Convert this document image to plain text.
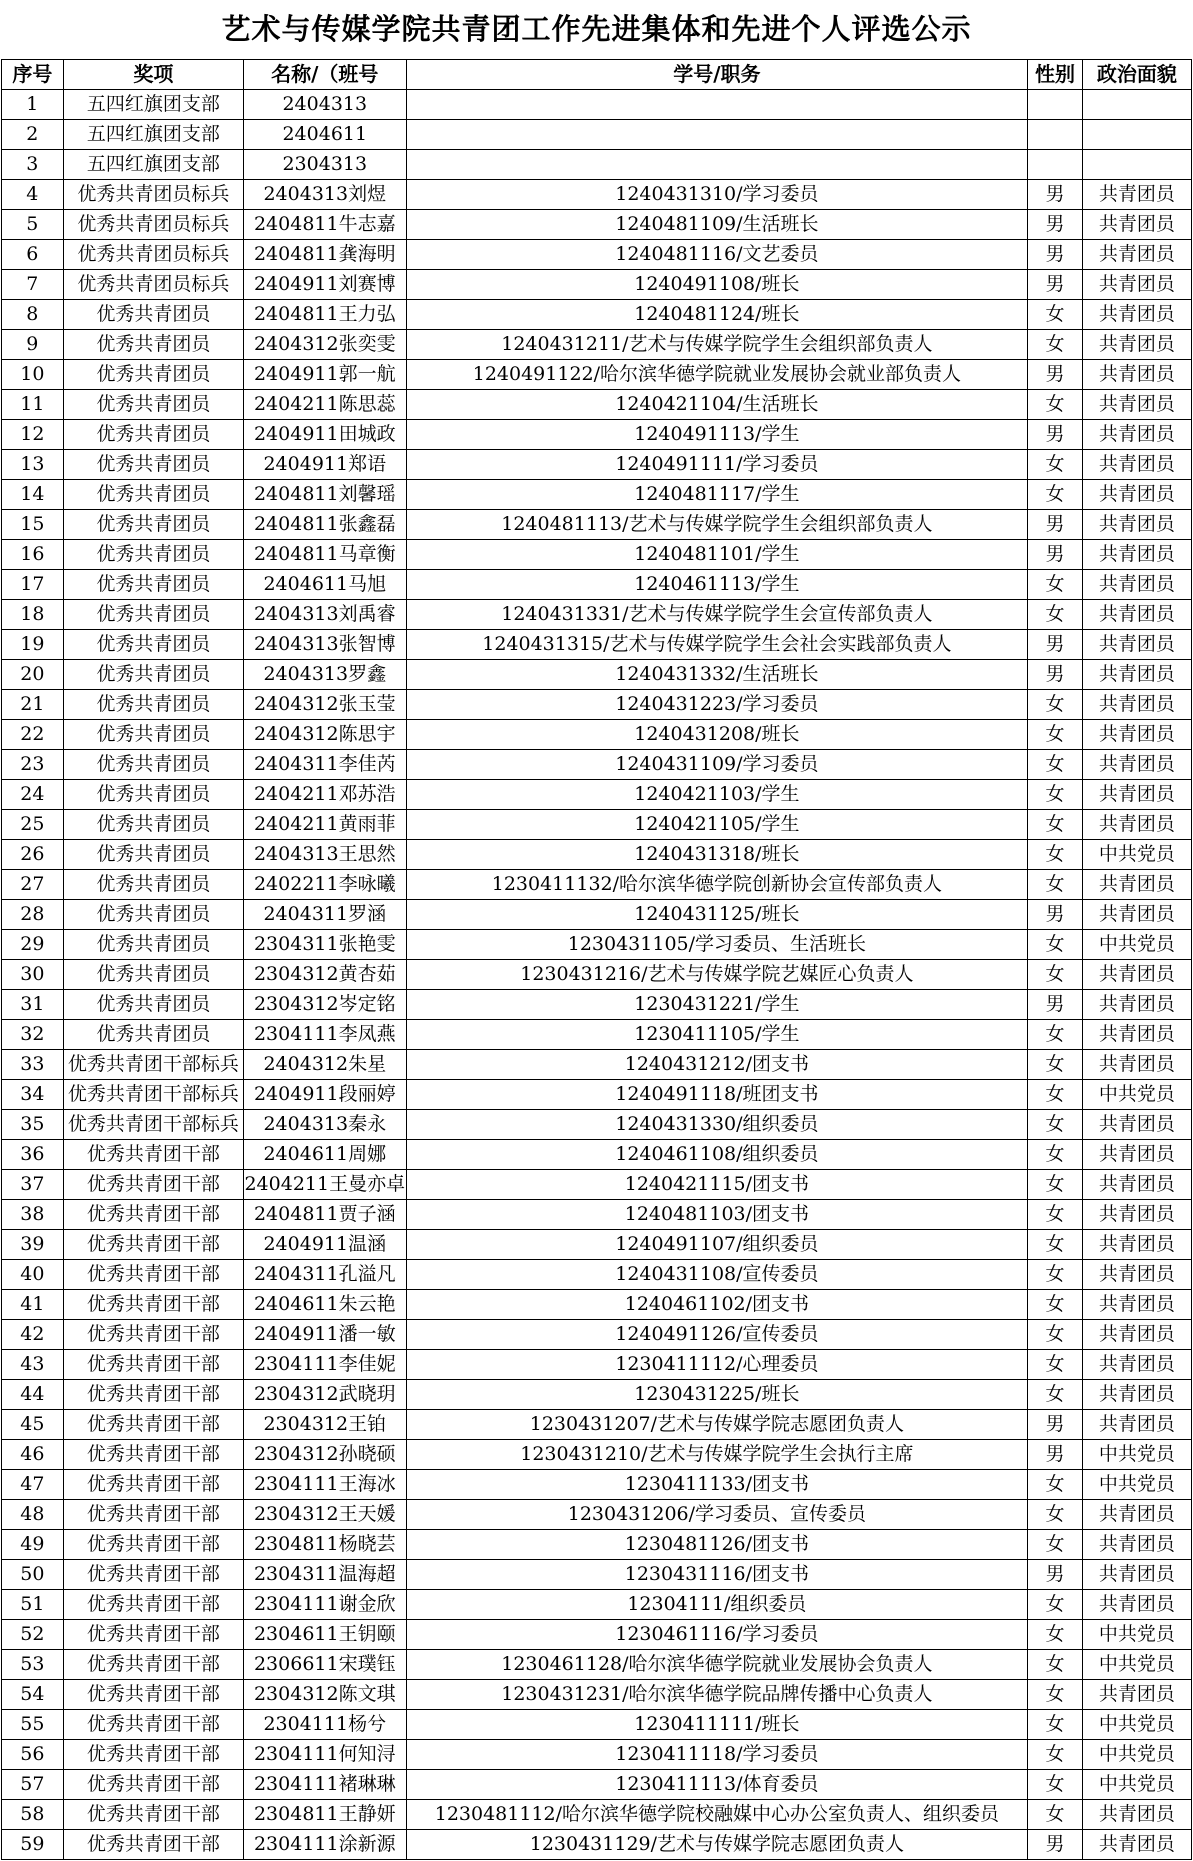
艺术与传媒学院共青团工作先进集体和先进个人评选公示
序号	奖项	名称/（班号	学号/职务	性别	政治面貌
1	五四红旗团支部	2404313			
2	五四红旗团支部	2404611			
3	五四红旗团支部	2304313			
4	优秀共青团员标兵	2404313刘煜	1240431310/学习委员	男	共青团员
5	优秀共青团员标兵	2404811牛志嘉	1240481109/生活班长	男	共青团员
6	优秀共青团员标兵	2404811龚海明	1240481116/文艺委员	男	共青团员
7	优秀共青团员标兵	2404911刘赛博	1240491108/班长	男	共青团员
8	优秀共青团员	2404811王力弘	1240481124/班长	女	共青团员
9	优秀共青团员	2404312张奕雯	1240431211/艺术与传媒学院学生会组织部负责人	女	共青团员
10	优秀共青团员	2404911郭一航	1240491122/哈尔滨华德学院就业发展协会就业部负责人	男	共青团员
11	优秀共青团员	2404211陈思蕊	1240421104/生活班长	女	共青团员
12	优秀共青团员	2404911田城政	1240491113/学生	男	共青团员
13	优秀共青团员	2404911郑语	1240491111/学习委员	女	共青团员
14	优秀共青团员	2404811刘馨瑶	1240481117/学生	女	共青团员
15	优秀共青团员	2404811张鑫磊	1240481113/艺术与传媒学院学生会组织部负责人	男	共青团员
16	优秀共青团员	2404811马章衡	1240481101/学生	男	共青团员
17	优秀共青团员	2404611马旭	1240461113/学生	女	共青团员
18	优秀共青团员	2404313刘禹睿	1240431331/艺术与传媒学院学生会宣传部负责人	女	共青团员
19	优秀共青团员	2404313张智博	1240431315/艺术与传媒学院学生会社会实践部负责人	男	共青团员
20	优秀共青团员	2404313罗鑫	1240431332/生活班长	男	共青团员
21	优秀共青团员	2404312张玉莹	1240431223/学习委员	女	共青团员
22	优秀共青团员	2404312陈思宇	1240431208/班长	女	共青团员
23	优秀共青团员	2404311李佳芮	1240431109/学习委员	女	共青团员
24	优秀共青团员	2404211邓苏浩	1240421103/学生	女	共青团员
25	优秀共青团员	2404211黄雨菲	1240421105/学生	女	共青团员
26	优秀共青团员	2404313王思然	1240431318/班长	女	中共党员
27	优秀共青团员	2402211李咏曦	1230411132/哈尔滨华德学院创新协会宣传部负责人	女	共青团员
28	优秀共青团员	2404311罗涵	1240431125/班长	男	共青团员
29	优秀共青团员	2304311张艳雯	1230431105/学习委员、生活班长	女	中共党员
30	优秀共青团员	2304312黄杏茹	1230431216/艺术与传媒学院艺媒匠心负责人	女	共青团员
31	优秀共青团员	2304312岑定铭	1230431221/学生	男	共青团员
32	优秀共青团员	2304111李凤燕	1230411105/学生	女	共青团员
33	优秀共青团干部标兵	2404312朱星	1240431212/团支书	女	共青团员
34	优秀共青团干部标兵	2404911段丽婷	1240491118/班团支书	女	中共党员
35	优秀共青团干部标兵	2404313秦永	1240431330/组织委员	女	共青团员
36	优秀共青团干部	2404611周娜	1240461108/组织委员	女	共青团员
37	优秀共青团干部	2404211王曼亦卓	1240421115/团支书	女	共青团员
38	优秀共青团干部	2404811贾子涵	1240481103/团支书	女	共青团员
39	优秀共青团干部	2404911温涵	1240491107/组织委员	女	共青团员
40	优秀共青团干部	2404311孔溢凡	1240431108/宣传委员	女	共青团员
41	优秀共青团干部	2404611朱云艳	1240461102/团支书	女	共青团员
42	优秀共青团干部	2404911潘一敏	1240491126/宣传委员	女	共青团员
43	优秀共青团干部	2304111李佳妮	1230411112/心理委员	女	共青团员
44	优秀共青团干部	2304312武晓玥	1230431225/班长	女	共青团员
45	优秀共青团干部	2304312王铂	1230431207/艺术与传媒学院志愿团负责人	男	共青团员
46	优秀共青团干部	2304312孙晓硕	1230431210/艺术与传媒学院学生会执行主席	男	中共党员
47	优秀共青团干部	2304111王海冰	1230411133/团支书	女	中共党员
48	优秀共青团干部	2304312王天媛	1230431206/学习委员、宣传委员	女	共青团员
49	优秀共青团干部	2304811杨晓芸	1230481126/团支书	女	共青团员
50	优秀共青团干部	2304311温海超	1230431116/团支书	男	共青团员
51	优秀共青团干部	2304111谢金欣	12304111/组织委员	女	共青团员
52	优秀共青团干部	2304611王钥颐	1230461116/学习委员	女	中共党员
53	优秀共青团干部	2306611宋璞钰	1230461128/哈尔滨华德学院就业发展协会负责人	女	中共党员
54	优秀共青团干部	2304312陈文琪	1230431231/哈尔滨华德学院品牌传播中心负责人	女	共青团员
55	优秀共青团干部	2304111杨兮	1230411111/班长	女	中共党员
56	优秀共青团干部	2304111何知浔	1230411118/学习委员	女	中共党员
57	优秀共青团干部	2304111褚琳琳	1230411113/体育委员	女	中共党员
58	优秀共青团干部	2304811王静妍	1230481112/哈尔滨华德学院校融媒中心办公室负责人、组织委员	女	共青团员
59	优秀共青团干部	2304111涂新源	1230431129/艺术与传媒学院志愿团负责人	男	共青团员
